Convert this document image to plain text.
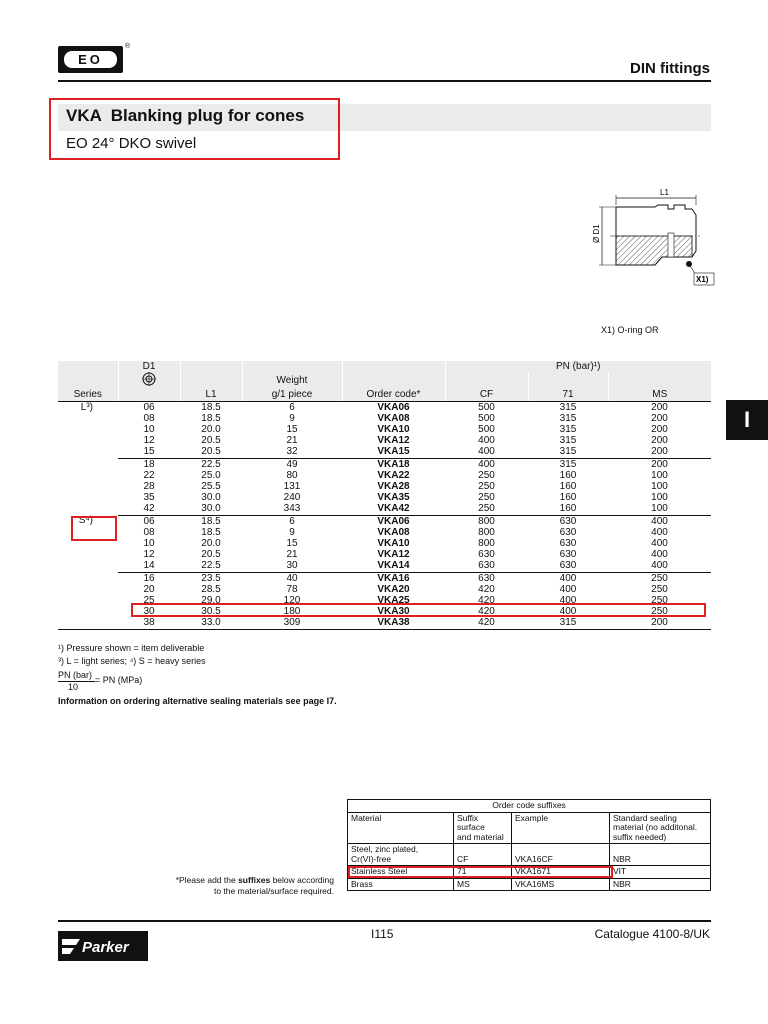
EO
®
DIN fittings
VKA  Blanking plug for cones
EO 24° DKO swivel
L1
Ø D1
X1)
X1) O-ring OR
I
	D1				PN (bar)¹)		
			Weight				
Series		L1	g/1 piece	Order code*	CF	71	MS
L³)	06	18.5	6	VKA06	500	315	200
	08	18.5	9	VKA08	500	315	200
	10	20.0	15	VKA10	500	315	200
	12	20.5	21	VKA12	400	315	200
	15	20.5	32	VKA15	400	315	200
	18	22.5	49	VKA18	400	315	200
	22	25.0	80	VKA22	250	160	100
	28	25.5	131	VKA28	250	160	100
	35	30.0	240	VKA35	250	160	100
	42	30.0	343	VKA42	250	160	100
S⁴)	06	18.5	6	VKA06	800	630	400
	08	18.5	9	VKA08	800	630	400
	10	20.0	15	VKA10	800	630	400
	12	20.5	21	VKA12	630	630	400
	14	22.5	30	VKA14	630	630	400
	16	23.5	40	VKA16	630	400	250
	20	28.5	78	VKA20	420	400	250
	25	29.0	120	VKA25	420	400	250
	30	30.5	180	VKA30	420	400	250
	38	33.0	309	VKA38	420	315	200
¹) Pressure shown = item deliverable
³) L = light series; ⁴) S = heavy series
PN (bar)
10
= PN (MPa)
Information on ordering alternative sealing materials see page I7.
*Please add the suffixes below according
to the material/surface required.
Order code suffixes			
Material	Suffix
surface
and material	Example	Standard sealing
material (no additonal.
suffix needed)
Steel, zinc plated,
Cr(VI)-free	CF	VKA16CF	NBR
Stainless Steel	71	VKA1671	VIT
Brass	MS	VKA16MS	NBR
Parker
I115	Catalogue 4100-8/UK
